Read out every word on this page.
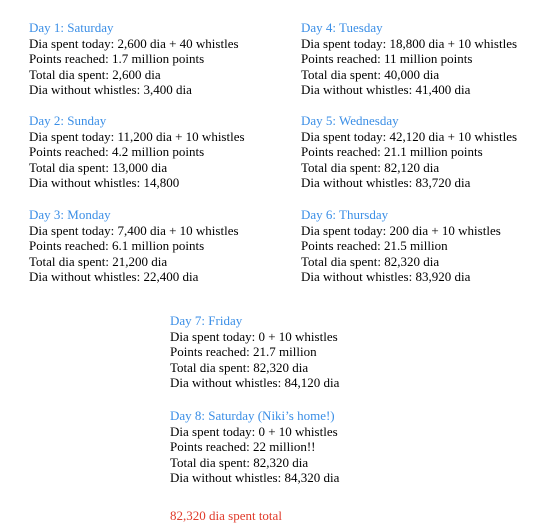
Day 1: Saturday
Dia spent today: 2,600 dia + 40 whistles
Points reached: 1.7 million points
Total dia spent: 2,600 dia
Dia without whistles: 3,400 dia
Day 2: Sunday
Dia spent today: 11,200 dia + 10 whistles
Points reached: 4.2 million points
Total dia spent: 13,000 dia
Dia without whistles: 14,800
Day 3: Monday
Dia spent today: 7,400 dia + 10 whistles
Points reached: 6.1 million points
Total dia spent: 21,200 dia
Dia without whistles: 22,400 dia
Day 4: Tuesday
Dia spent today: 18,800 dia + 10 whistles
Points reached: 11 million points
Total dia spent: 40,000 dia
Dia without whistles: 41,400 dia
Day 5: Wednesday
Dia spent today: 42,120 dia + 10 whistles
Points reached: 21.1 million points
Total dia spent: 82,120 dia
Dia without whistles: 83,720 dia
Day 6: Thursday
Dia spent today: 200 dia + 10 whistles
Points reached: 21.5 million
Total dia spent: 82,320 dia
Dia without whistles: 83,920 dia
Day 7: Friday
Dia spent today: 0 + 10 whistles
Points reached: 21.7 million
Total dia spent: 82,320 dia
Dia without whistles: 84,120 dia
Day 8: Saturday (Niki’s home!)
Dia spent today: 0 + 10 whistles
Points reached: 22 million!!
Total dia spent: 82,320 dia
Dia without whistles: 84,320 dia
82,320 dia spent total
